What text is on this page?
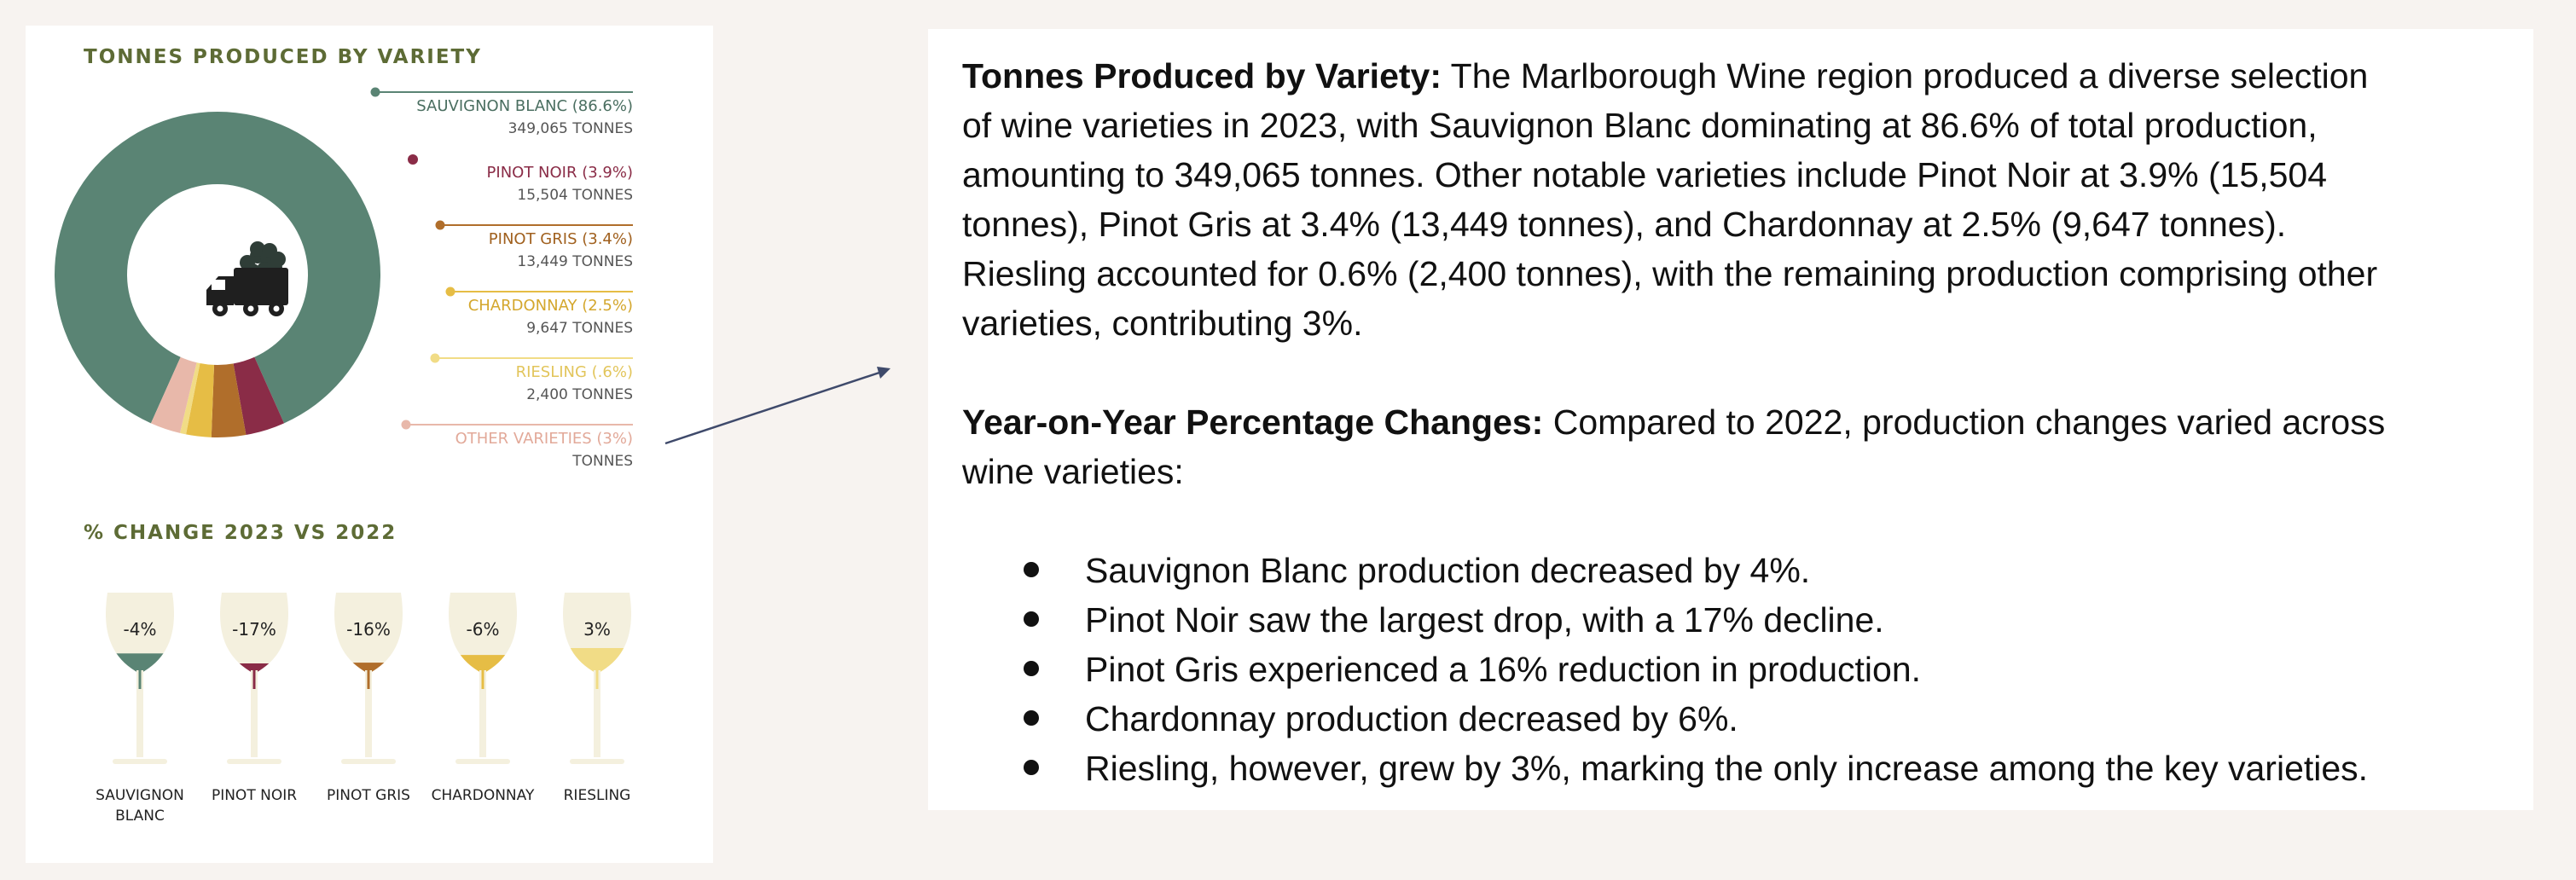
TONNES PRODUCED BY VARIETY
SAUVIGNON BLANC (86.6%)
349,065 TONNES
PINOT NOIR (3.9%)
15,504 TONNES
PINOT GRIS (3.4%)
13,449 TONNES
CHARDONNAY (2.5%)
9,647 TONNES
RIESLING (.6%)
2,400 TONNES
OTHER VARIETIES (3%)
TONNES
% CHANGE 2023 VS 2022
-4%
SAUVIGNON
BLANC
-17%
PINOT NOIR
-16%
PINOT GRIS
-6%
CHARDONNAY
3%
RIESLING

Tonnes Produced by Variety: The Marlborough Wine region produced a diverse selection
of wine varieties in 2023, with Sauvignon Blanc dominating at 86.6% of total production,
amounting to 349,065 tonnes. Other notable varieties include Pinot Noir at 3.9% (15,504
tonnes), Pinot Gris at 3.4% (13,449 tonnes), and Chardonnay at 2.5% (9,647 tonnes).
Riesling accounted for 0.6% (2,400 tonnes), with the remaining production comprising other
varieties, contributing 3%.

Year-on-Year Percentage Changes: Compared to 2022, production changes varied across
wine varieties:

Sauvignon Blanc production decreased by 4%.
Pinot Noir saw the largest drop, with a 17% decline.
Pinot Gris experienced a 16% reduction in production.
Chardonnay production decreased by 6%.
Riesling, however, grew by 3%, marking the only increase among the key varieties.
